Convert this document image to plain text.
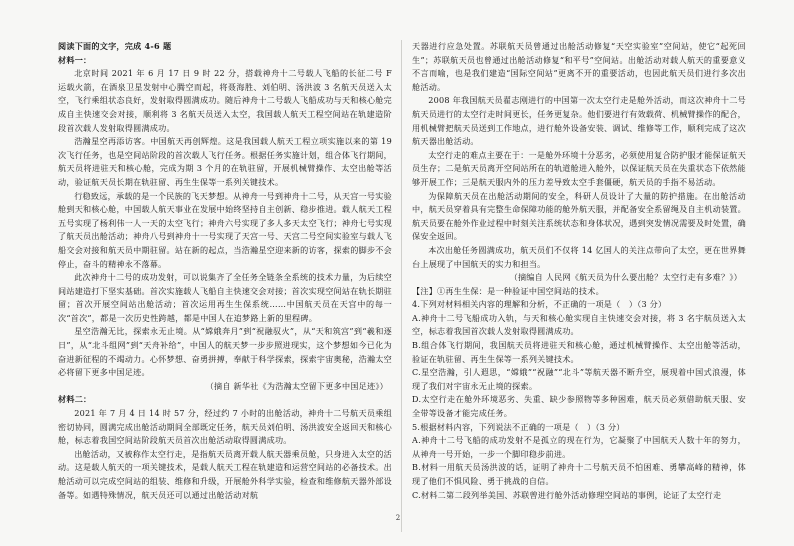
阅读下面的文字，完成 4-6 题

材料一：

北京时间 2021 年 6 月 17 日 9 时 22 分，搭载神舟十二号载人飞船的长征二号 F 运载火箭，在酒泉卫星发射中心腾空而起，将聂海胜、刘伯明、汤洪波 3 名航天员送入太空，飞行乘组状态良好，发射取得圆满成功。随后神舟十二号载人飞船成功与天和核心舱完成自主快速交会对接，顺利将 3 名航天员送入太空，我国载人航天工程空间站在轨建造阶段首次载人发射取得圆满成功。

浩瀚星空再添访客。中国航天再创辉煌。这是我国载人航天工程立项实施以来的第 19 次飞行任务，也是空间站阶段的首次载人飞行任务。根据任务实施计划，组合体飞行期间，航天员将进驻天和核心舱，完成为期 3 个月的在轨驻留，开展机械臂操作、太空出舱等活动，验证航天员长期在轨驻留、再生生保等一系列关键技术。

行稳致远，承载的是一个民族的飞天梦想。从神舟一号到神舟十二号，从天宫一号实验舱到天和核心舱，中国载人航天事业在发展中始终坚持自主创新、稳步推进。载人航天工程五号实现了杨利伟一人一天的太空飞行；神舟六号实现了多人多天太空飞行；神舟七号实现了航天员出舱活动；神舟八号到神舟十一号实现了天宫一号、天宫二号空间实验室与载人飞船交会对接和航天员中期驻留。站在新的起点，当浩瀚星空迎来新的访客，探索的脚步不会停止，奋斗的精神永不落幕。

此次神舟十二号的成功发射，可以说集齐了全任务全链条全系统的技术力量，为后续空间站建造打下坚实基础。首次实施载人飞船自主快速交会对接；首次实现空间站在轨长期驻留；首次开展空间站出舱活动；首次运用再生生保系统……中国航天员在天宫中的每一次“首次”，都是一次历史性跨越，都是中国人在追梦路上新的里程碑。

星空浩瀚无比，探索永无止境。从“嫦娥奔月”到“祝融驭火”，从“天和筑宫”到“羲和逐日”，从“北斗组网”到“天舟补给”，中国人的航天梦一步步照进现实，这个梦想如今已化为奋进新征程的不竭动力。心怀梦想、奋勇拼搏，奉献于科学探索，探索宇宙奥秘，浩瀚太空必将留下更多中国足迹。

（摘自 新华社《为浩瀚太空留下更多中国足迹》）

材料二：

2021 年 7 月 4 日 14 时 57 分，经过约 7 小时的出舱活动，神舟十二号航天员乘组密切协同，圆满完成出舱活动期间全部既定任务，航天员刘伯明、汤洪波安全返回天和核心舱，标志着我国空间站阶段航天员首次出舱活动取得圆满成功。

出舱活动，又被称作太空行走，是指航天员离开载人航天器乘员舱，只身进入太空的活动。这是载人航天的一项关键技术，是载人航天工程在轨建造和运营空间站的必备技术。出舱活动可以完成空间站的组装、维修和升级，开展舱外科学实验，检查和维修航天器外部设备等。如遇特殊情况，航天员还可以通过出舱活动对航

天器进行应急处置。苏联航天员曾通过出舱活动修复“天空实验室”空间站，使它“起死回生”；苏联航天员也曾通过出舱活动修复“和平号”空间站。出舱活动对载人航天的重要意义不言而喻，也是我们建造“国际空间站”更离不开的重要活动，也因此航天员们进行多次出舱活动。

2008 年我国航天员翟志刚进行的中国第一次太空行走是舱外活动，而这次神舟十二号航天员进行的太空行走时间更长，任务更复杂。他们要进行有效载荷、机械臂操作的配合，用机械臂把航天员送到工作地点，进行舱外设备安装、调试、维修等工作，顺利完成了这次航天器出舱活动。

太空行走的难点主要在于：一是舱外环境十分恶劣，必须使用复合防护服才能保证航天员生存；二是航天员离开空间站所在的轨道舱进入舱外，以保证航天员在失重状态下依然能够开展工作；三是航天服内外的压力差导致太空手套僵硬，航天员的手指不易活动。

为保障航天员在出舱活动期间的安全，科研人员设计了大量的防护措施。在出舱活动中，航天员穿着具有完整生命保障功能的舱外航天服，并配备安全系留绳及自主机动装置。航天员要在舱外作业过程中时刻关注系统状态和身体状况，遇到突发情况需要及时处置，确保安全返回。

本次出舱任务圆满成功，航天员们不仅将 14 亿国人的关注点带向了太空，更在世界舞台上展现了中国航天的实力和担当。

（摘编自 人民网《航天员为什么要出舱？太空行走有多难？》）

【注】①再生生保：是一种验证中国空间站的技术。

4.下列对材料相关内容的理解和分析，不正确的一项是（　）（3 分）

A.神舟十二号飞船成功入轨，与天和核心舱实现自主快速交会对接，将 3 名宇航员送入太空，标志着我国首次载人发射取得圆满成功。

B.组合体飞行期间，我国航天员将进驻天和核心舱，通过机械臂操作、太空出舱等活动，验证在轨驻留、再生生保等一系列关键技术。

C.星空浩瀚，引人遐思，“嫦娥”“祝融”“北斗”等航天器不断升空，展现着中国式浪漫，体现了我们对宇宙永无止境的探索。

D.太空行走在舱外环境恶劣、失重、缺少参照物等多种困难，航天员必须借助航天服、安全带等设备才能完成任务。

5.根据材料内容，下列说法不正确的一项是（　）（3 分）

A.神舟十二号飞船的成功发射不是孤立的现在行为，它凝聚了中国航天人数十年的努力，从神舟一号开始，一步一个脚印稳步前进。

B.材料一用航天员汤洪波的话，证明了神舟十二号航天员不怕困难、勇攀高峰的精神，体现了他们不惧风险、勇于挑战的自信。

C.材料二第二段列举美国、苏联曾进行舱外活动修理空间站的事例，论证了太空行走

2
